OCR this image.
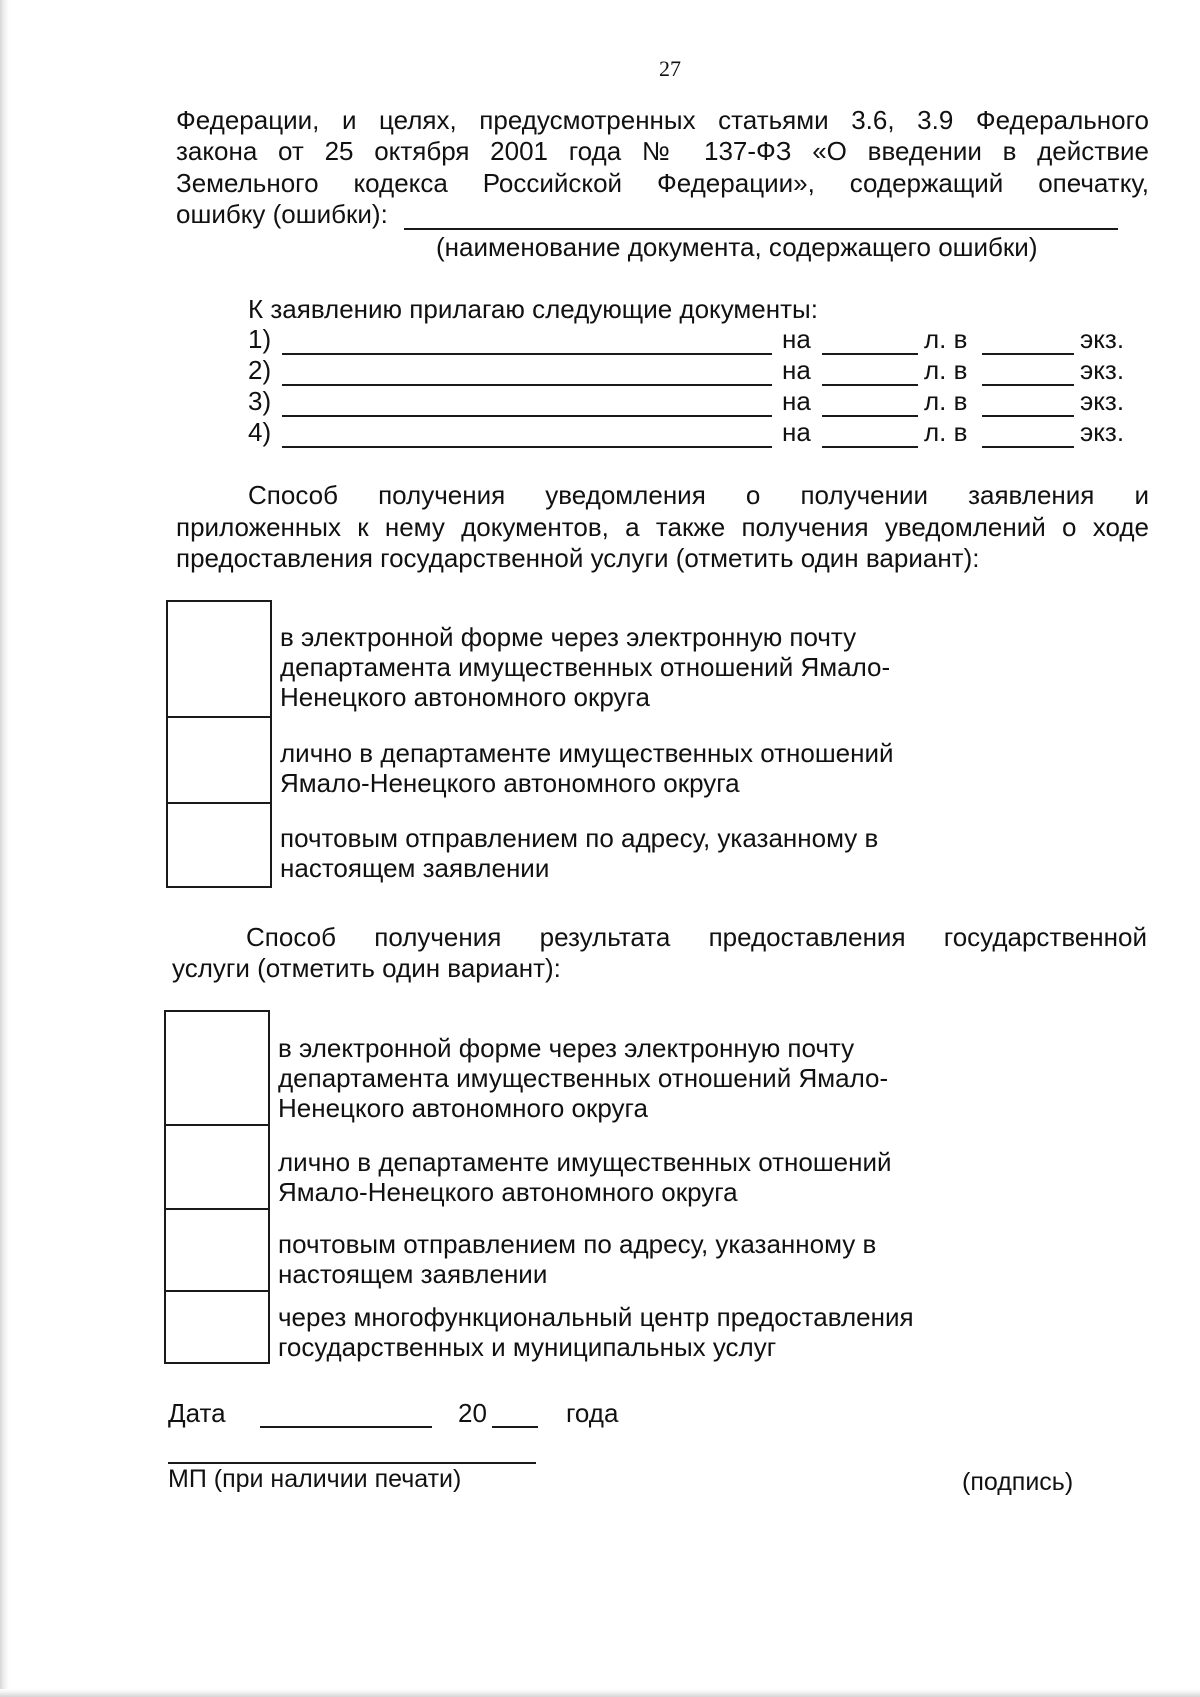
27
Федерации, и целях, предусмотренных статьями 3.6, 3.9 Федерального
закона от 25 октября 2001 года № 137-ФЗ «О введении в действие
Земельного кодекса Российской Федерации», содержащий опечатку,
ошибку (ошибки):
(наименование документа, содержащего ошибки)
К заявлению прилагаю следующие документы:
1)	на	л. в	экз.
2)	на	л. в	экз.
3)	на	л. в	экз.
4)	на	л. в	экз.
Способ получения уведомления о получении заявления и
приложенных к нему документов, а также получения уведомлений о ходе
предоставления государственной услуги (отметить один вариант):
в электронной форме через электронную почту департамента имущественных отношений Ямало-Ненецкого автономного округа
лично в департаменте имущественных отношений Ямало-Ненецкого автономного округа
почтовым отправлением по адресу, указанному в настоящем заявлении
Способ получения результата предоставления государственной
услуги (отметить один вариант):
в электронной форме через электронную почту департамента имущественных отношений Ямало-Ненецкого автономного округа
лично в департаменте имущественных отношений Ямало-Ненецкого автономного округа
почтовым отправлением по адресу, указанному в настоящем заявлении
через многофункциональный центр предоставления государственных и муниципальных услуг
Дата	20	года
МП (при наличии печати)	(подпись)
